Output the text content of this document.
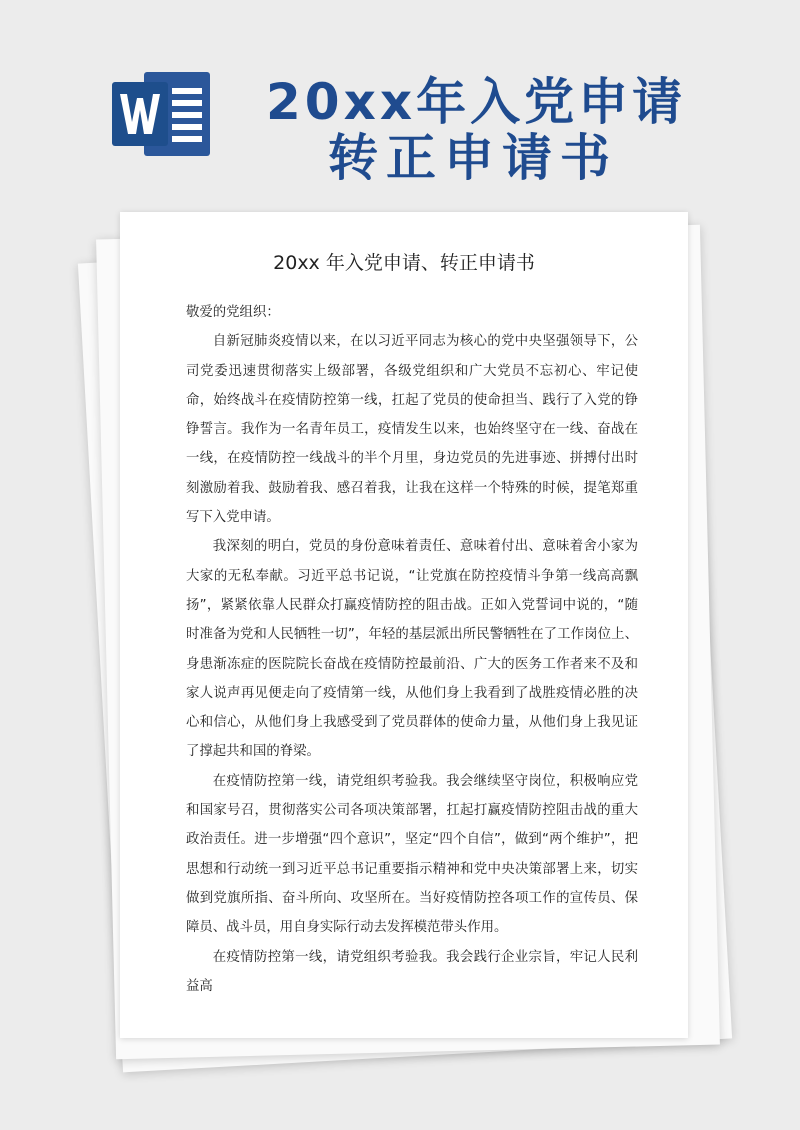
20xx年入党申请
转正申请书
20xx 年入党申请、转正申请书

敬爱的党组织：

自新冠肺炎疫情以来，在以习近平同志为核心的党中央坚强领导下，公司党委迅速贯彻落实上级部署，各级党组织和广大党员不忘初心、牢记使命，始终战斗在疫情防控第一线，扛起了党员的使命担当、践行了入党的铮铮誓言。我作为一名青年员工，疫情发生以来，也始终坚守在一线、奋战在一线，在疫情防控一线战斗的半个月里，身边党员的先进事迹、拼搏付出时刻激励着我、鼓励着我、感召着我，让我在这样一个特殊的时候，提笔郑重写下入党申请。

我深刻的明白，党员的身份意味着责任、意味着付出、意味着舍小家为大家的无私奉献。习近平总书记说，“让党旗在防控疫情斗争第一线高高飘扬”，紧紧依靠人民群众打赢疫情防控的阻击战。正如入党誓词中说的，“随时准备为党和人民牺牲一切”，年轻的基层派出所民警牺牲在了工作岗位上、身患渐冻症的医院院长奋战在疫情防控最前沿、广大的医务工作者来不及和家人说声再见便走向了疫情第一线，从他们身上我看到了战胜疫情必胜的决心和信心，从他们身上我感受到了党员群体的使命力量，从他们身上我见证了撑起共和国的脊梁。

在疫情防控第一线，请党组织考验我。我会继续坚守岗位，积极响应党和国家号召，贯彻落实公司各项决策部署，扛起打赢疫情防控阻击战的重大政治责任。进一步增强“四个意识”，坚定“四个自信”，做到“两个维护”，把思想和行动统一到习近平总书记重要指示精神和党中央决策部署上来，切实做到党旗所指、奋斗所向、攻坚所在。当好疫情防控各项工作的宣传员、保障员、战斗员，用自身实际行动去发挥模范带头作用。

在疫情防控第一线，请党组织考验我。我会践行企业宗旨，牢记人民利益高
